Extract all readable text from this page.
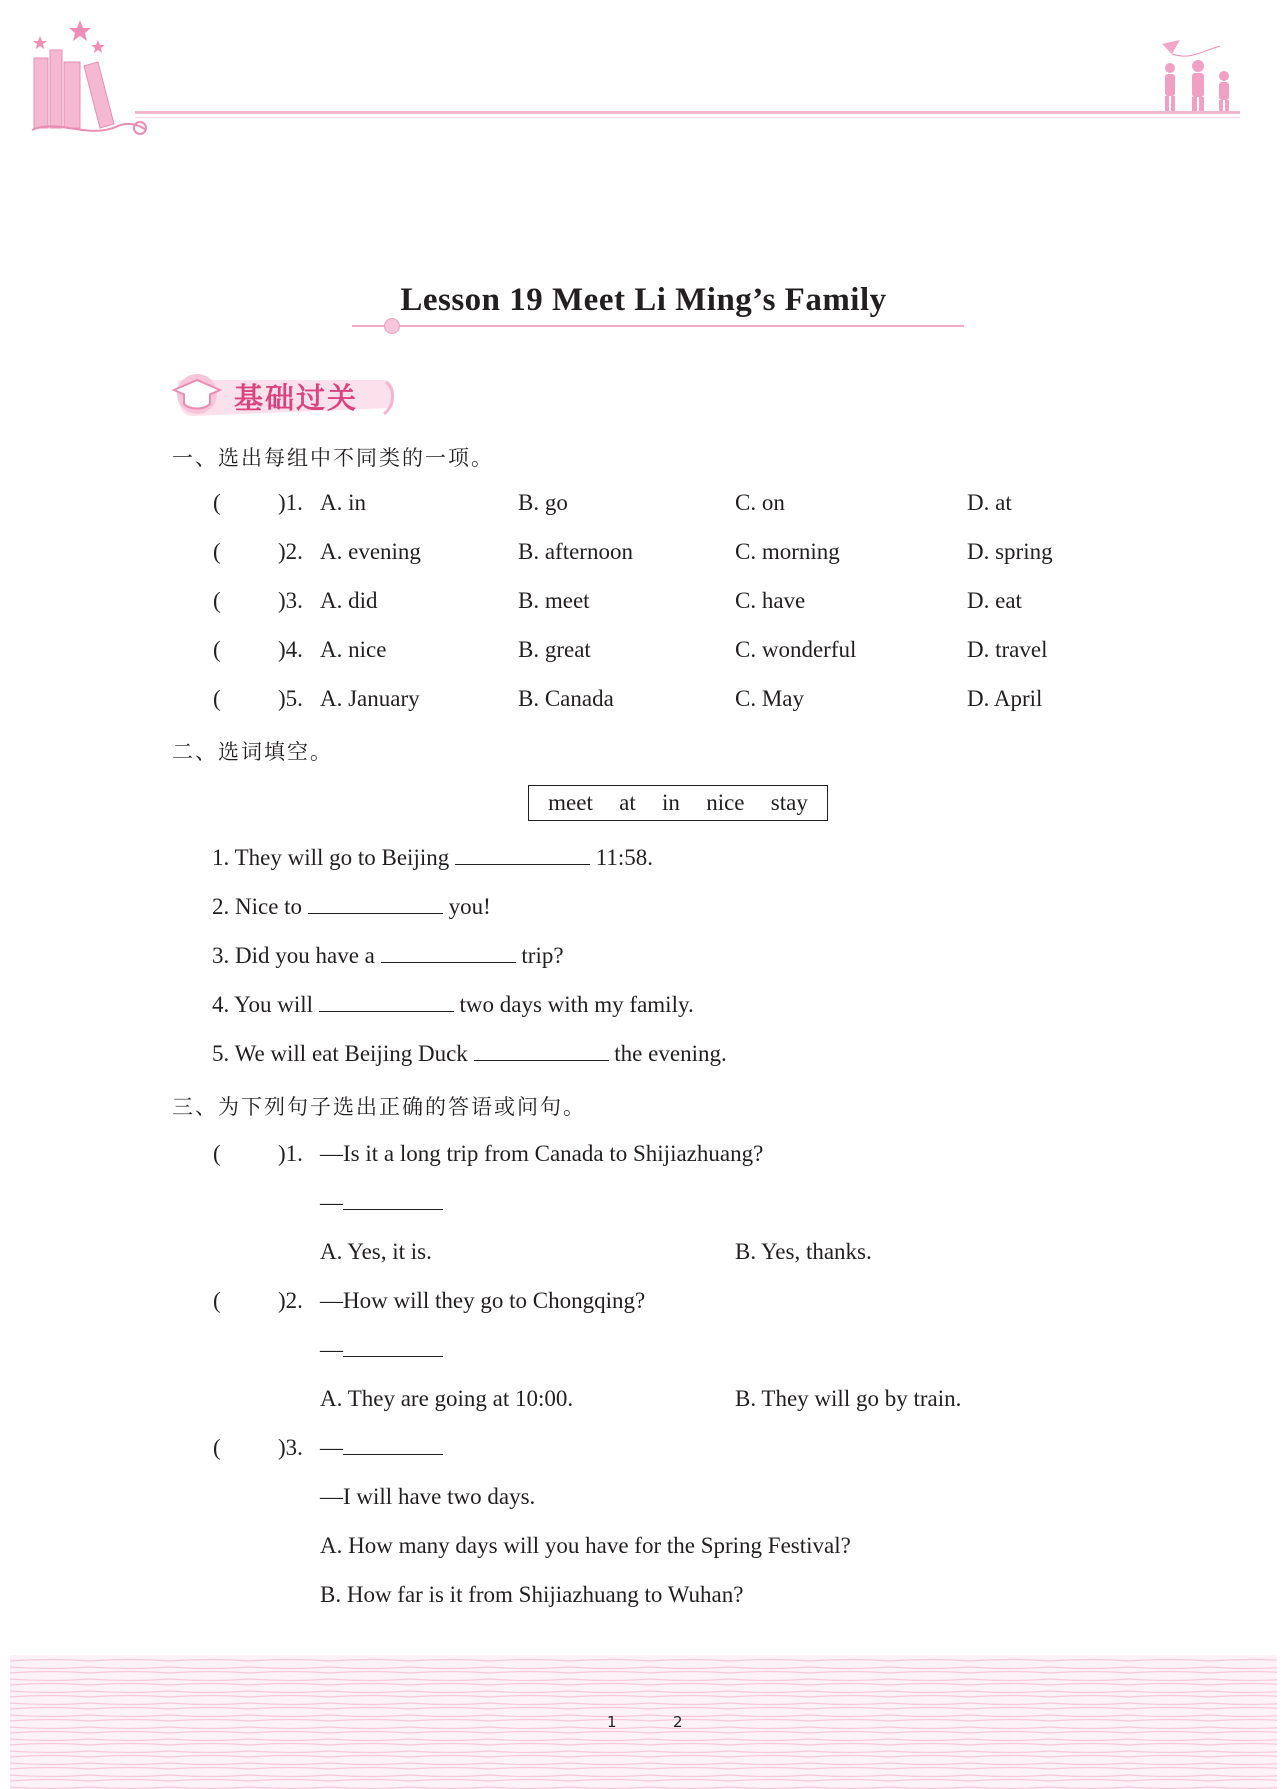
Lesson 19 Meet Li Ming’s Family
基础过关
一、选出每组中不同类的一项。
( )1. A. in	B. go	C. on	D. at
( )2. A. evening	B. afternoon	C. morning	D. spring
( )3. A. did	B. meet	C. have	D. eat
( )4. A. nice	B. great	C. wonderful	D. travel
( )5. A. January	B. Canada	C. May	D. April
二、选词填空。
meet at in nice stay
1. They will go to Beijing	11:58.
2. Nice to	you!
3. Did you have a	trip?
4. You will	two days with my family.
5. We will eat Beijing Duck	the evening.
三、为下列句子选出正确的答语或问句。
( )1. —Is it a long trip from Canada to Shijiazhuang?
—
A. Yes, it is.	B. Yes, thanks.
( )2. —How will they go to Chongqing?
—
A. They are going at 10:00.	B. They will go by train.
( )3. —
—I will have two days.
A. How many days will you have for the Spring Festival?
B. How far is it from Shijiazhuang to Wuhan?
1	2
